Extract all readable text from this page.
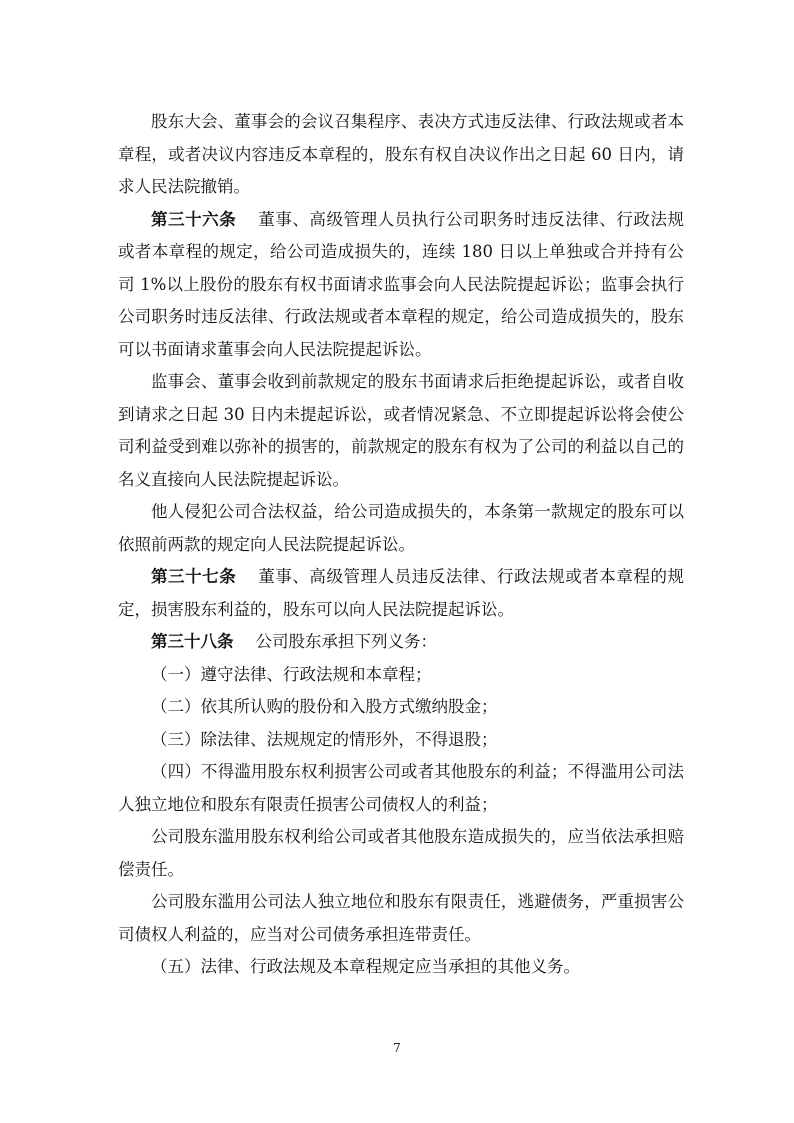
股东大会、董事会的会议召集程序、表决方式违反法律、行政法规或者本章程，或者决议内容违反本章程的，股东有权自决议作出之日起 60 日内，请求人民法院撤销。

第三十六条 董事、高级管理人员执行公司职务时违反法律、行政法规或者本章程的规定，给公司造成损失的，连续 180 日以上单独或合并持有公司 1%以上股份的股东有权书面请求监事会向人民法院提起诉讼；监事会执行公司职务时违反法律、行政法规或者本章程的规定，给公司造成损失的，股东可以书面请求董事会向人民法院提起诉讼。

监事会、董事会收到前款规定的股东书面请求后拒绝提起诉讼，或者自收到请求之日起 30 日内未提起诉讼，或者情况紧急、不立即提起诉讼将会使公司利益受到难以弥补的损害的，前款规定的股东有权为了公司的利益以自己的名义直接向人民法院提起诉讼。

他人侵犯公司合法权益，给公司造成损失的，本条第一款规定的股东可以依照前两款的规定向人民法院提起诉讼。

第三十七条 董事、高级管理人员违反法律、行政法规或者本章程的规定，损害股东利益的，股东可以向人民法院提起诉讼。

第三十八条 公司股东承担下列义务：

（一）遵守法律、行政法规和本章程；

（二）依其所认购的股份和入股方式缴纳股金；

（三）除法律、法规规定的情形外，不得退股；

（四）不得滥用股东权利损害公司或者其他股东的利益；不得滥用公司法人独立地位和股东有限责任损害公司债权人的利益；

公司股东滥用股东权利给公司或者其他股东造成损失的，应当依法承担赔偿责任。

公司股东滥用公司法人独立地位和股东有限责任，逃避债务，严重损害公司债权人利益的，应当对公司债务承担连带责任。

（五）法律、行政法规及本章程规定应当承担的其他义务。

7
